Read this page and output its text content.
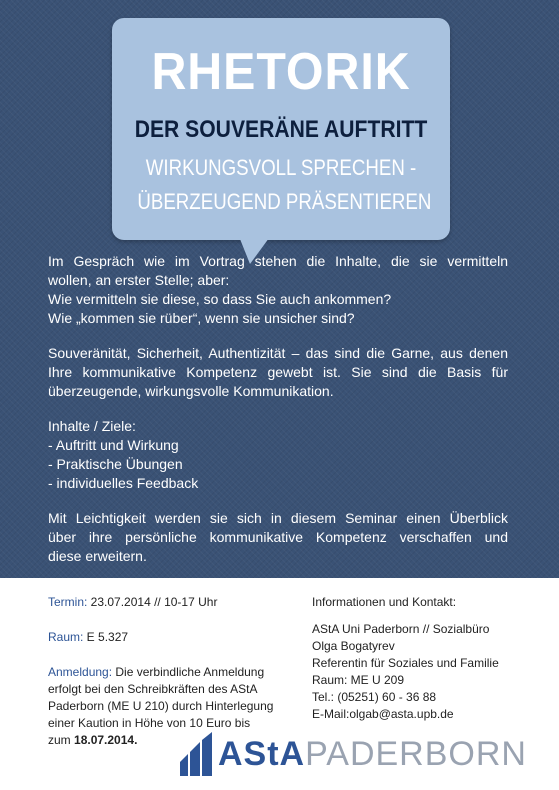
RHETORIK
DER SOUVERÄNE AUFTRITT
WIRKUNGSVOLL SPRECHEN -
ÜBERZEUGEND PRÄSENTIEREN

Im Gespräch wie im Vortrag stehen die Inhalte, die sie vermitteln

wollen, an erster Stelle; aber:

Wie vermitteln sie diese, so dass Sie auch ankommen?

Wie „kommen sie rüber“, wenn sie unsicher sind?

Souveränität, Sicherheit, Authentizität – das sind die Garne, aus denen

Ihre kommunikative Kompetenz gewebt ist. Sie sind die Basis für

überzeugende, wirkungsvolle Kommunikation.

Inhalte / Ziele:

- Auftritt und Wirkung

- Praktische Übungen

- individuelles Feedback

Mit Leichtigkeit werden sie sich in diesem Seminar einen Überblick

über ihre persönliche kommunikative Kompetenz verschaffen und

diese erweitern.

Termin: 23.07.2014 // 10-17 Uhr

Raum: E 5.327

Anmeldung: Die verbindliche Anmeldung

erfolgt bei den Schreibkräften des AStA

Paderborn (ME U 210) durch Hinterlegung

einer Kaution in Höhe von 10 Euro bis

zum 18.07.2014.

Informationen und Kontakt:

AStA Uni Paderborn // Sozialbüro

Olga Bogatyrev

Referentin für Soziales und Familie

Raum: ME U 209

Tel.: (05251) 60 - 36 88

E-Mail:olgab@asta.upb.de

AStAPADERBORN
